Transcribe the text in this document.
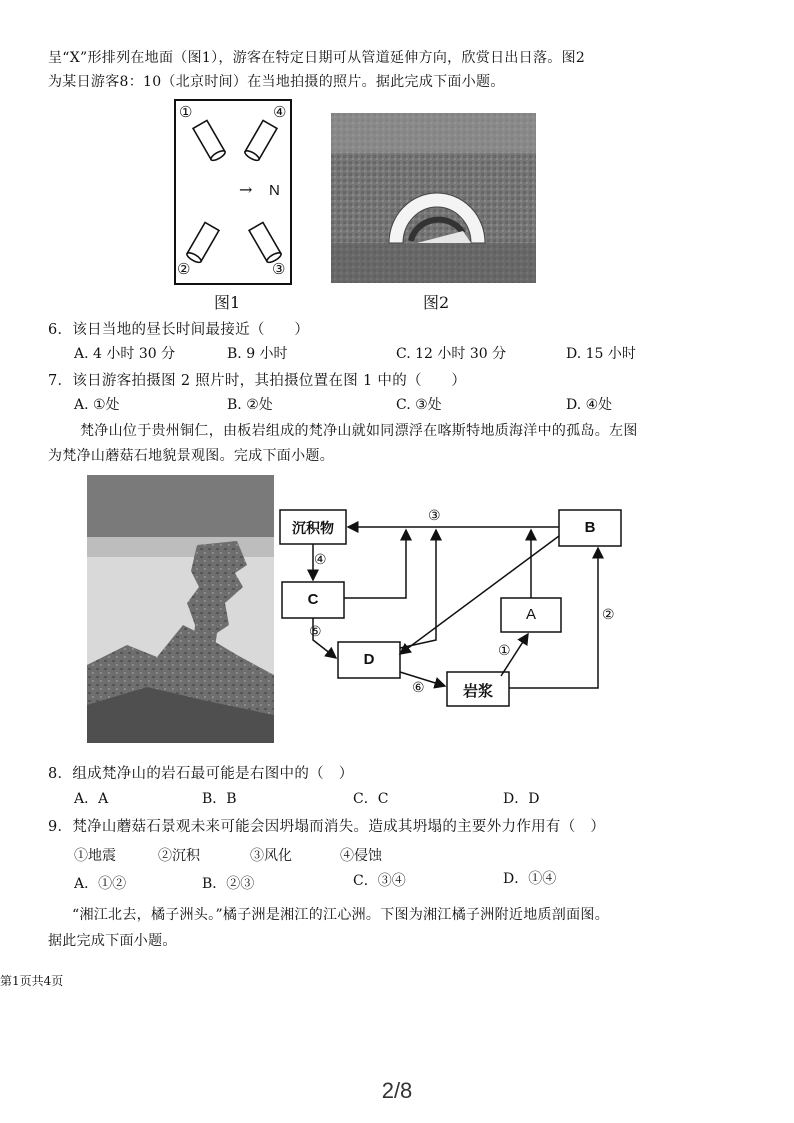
呈“X”形排列在地面（图1），游客在特定日期可从管道延伸方向，欣赏日出日落。图2
为某日游客8：10（北京时间）在当地拍摄的照片。据此完成下面小题。
①	④
②	③
→ N
图1	图2
6．该日当地的昼长时间最接近（　　）
A. 4 小时 30 分	B. 9 小时	C. 12 小时 30 分	D. 15 小时
7．该日游客拍摄图 2 照片时，其拍摄位置在图 1 中的（　　）
A. ①处	B. ②处	C. ③处	D. ④处
梵净山位于贵州铜仁，由板岩组成的梵净山就如同漂浮在喀斯特地质海洋中的孤岛。左图
为梵净山蘑菇石地貌景观图。完成下面小题。
沉积物	B
C
A
D
岩浆
③
④
⑤
②
①
⑥
8．组成梵净山的岩石最可能是右图中的（　）
A．A	B．B	C．C	D．D
9．梵净山蘑菇石景观未来可能会因坍塌而消失。造成其坍塌的主要外力作用有（　）
①地震	②沉积	③风化	④侵蚀
A．①②	B．②③	C．③④	D．①④
“湘江北去，橘子洲头。”橘子洲是湘江的江心洲。下图为湘江橘子洲附近地质剖面图。
据此完成下面小题。
第1页共4页
2/8
